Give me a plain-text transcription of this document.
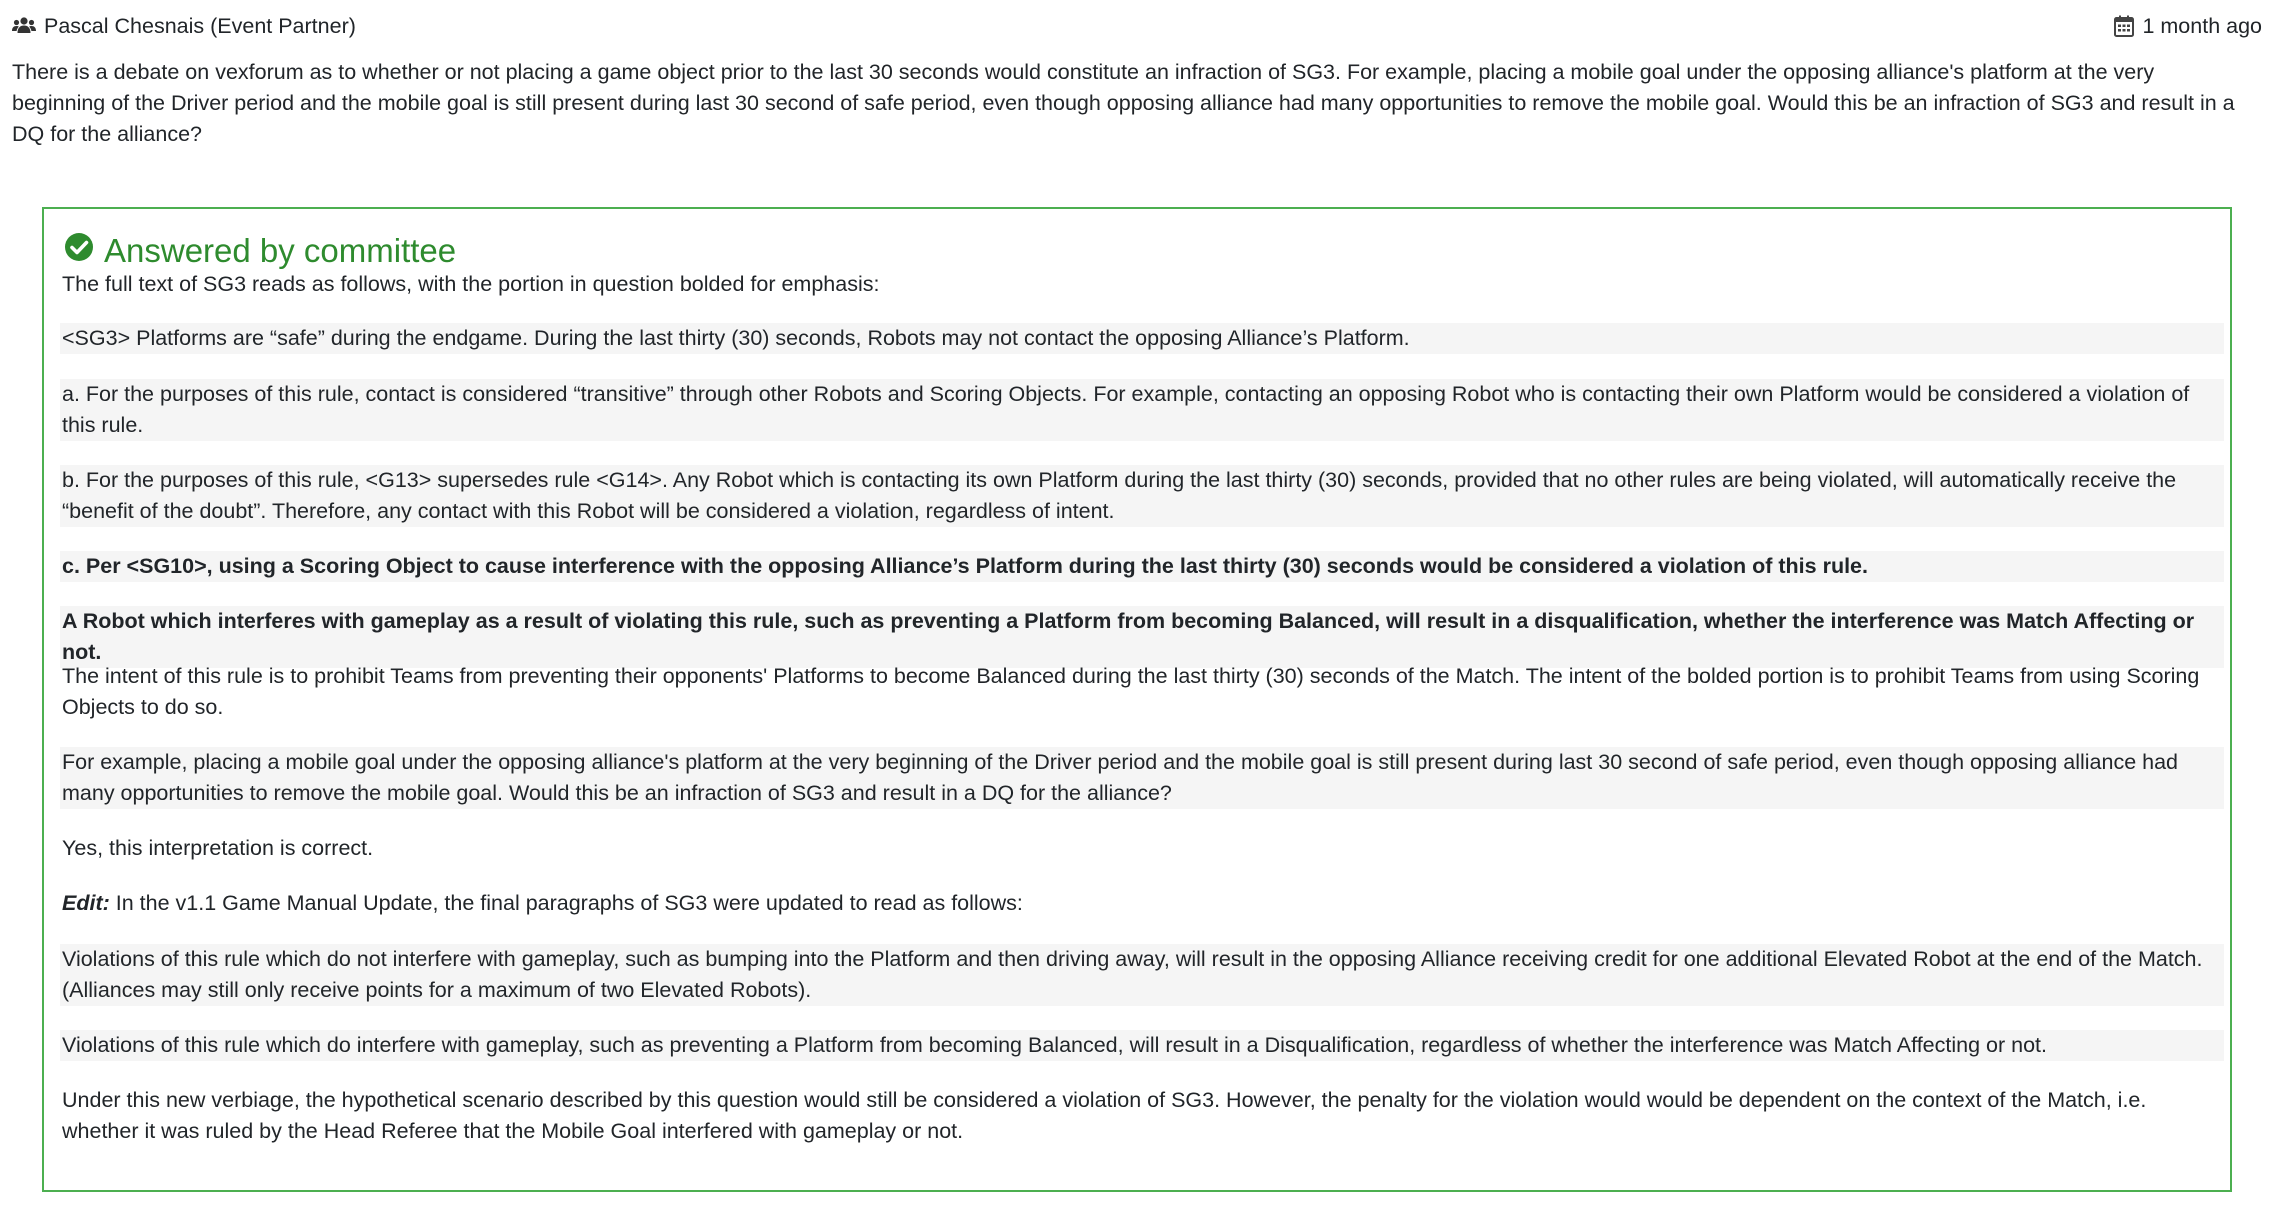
Pascal Chesnais (Event Partner)	1 month ago

There is a debate on vexforum as to whether or not placing a game object prior to the last 30 seconds would constitute an infraction of SG3. For example, placing a mobile goal under the opposing alliance's platform at the very beginning of the Driver period and the mobile goal is still present during last 30 second of safe period, even though opposing alliance had many opportunities to remove the mobile goal. Would this be an infraction of SG3 and result in a DQ for the alliance?

Answered by committee

The full text of SG3 reads as follows, with the portion in question bolded for emphasis:

<SG3> Platforms are “safe” during the endgame. During the last thirty (30) seconds, Robots may not contact the opposing Alliance’s Platform.

a. For the purposes of this rule, contact is considered “transitive” through other Robots and Scoring Objects. For example, contacting an opposing Robot who is contacting their own Platform would be considered a violation of this rule.

b. For the purposes of this rule, <G13> supersedes rule <G14>. Any Robot which is contacting its own Platform during the last thirty (30) seconds, provided that no other rules are being violated, will automatically receive the “benefit of the doubt”. Therefore, any contact with this Robot will be considered a violation, regardless of intent.

c. Per <SG10>, using a Scoring Object to cause interference with the opposing Alliance’s Platform during the last thirty (30) seconds would be considered a violation of this rule.

A Robot which interferes with gameplay as a result of violating this rule, such as preventing a Platform from becoming Balanced, will result in a disqualification, whether the interference was Match Affecting or not.

The intent of this rule is to prohibit Teams from preventing their opponents' Platforms to become Balanced during the last thirty (30) seconds of the Match. The intent of the bolded portion is to prohibit Teams from using Scoring Objects to do so.

For example, placing a mobile goal under the opposing alliance's platform at the very beginning of the Driver period and the mobile goal is still present during last 30 second of safe period, even though opposing alliance had many opportunities to remove the mobile goal. Would this be an infraction of SG3 and result in a DQ for the alliance?

Yes, this interpretation is correct.

Edit: In the v1.1 Game Manual Update, the final paragraphs of SG3 were updated to read as follows:

Violations of this rule which do not interfere with gameplay, such as bumping into the Platform and then driving away, will result in the opposing Alliance receiving credit for one additional Elevated Robot at the end of the Match. (Alliances may still only receive points for a maximum of two Elevated Robots).

Violations of this rule which do interfere with gameplay, such as preventing a Platform from becoming Balanced, will result in a Disqualification, regardless of whether the interference was Match Affecting or not.

Under this new verbiage, the hypothetical scenario described by this question would still be considered a violation of SG3. However, the penalty for the violation would would be dependent on the context of the Match, i.e. whether it was ruled by the Head Referee that the Mobile Goal interfered with gameplay or not.
